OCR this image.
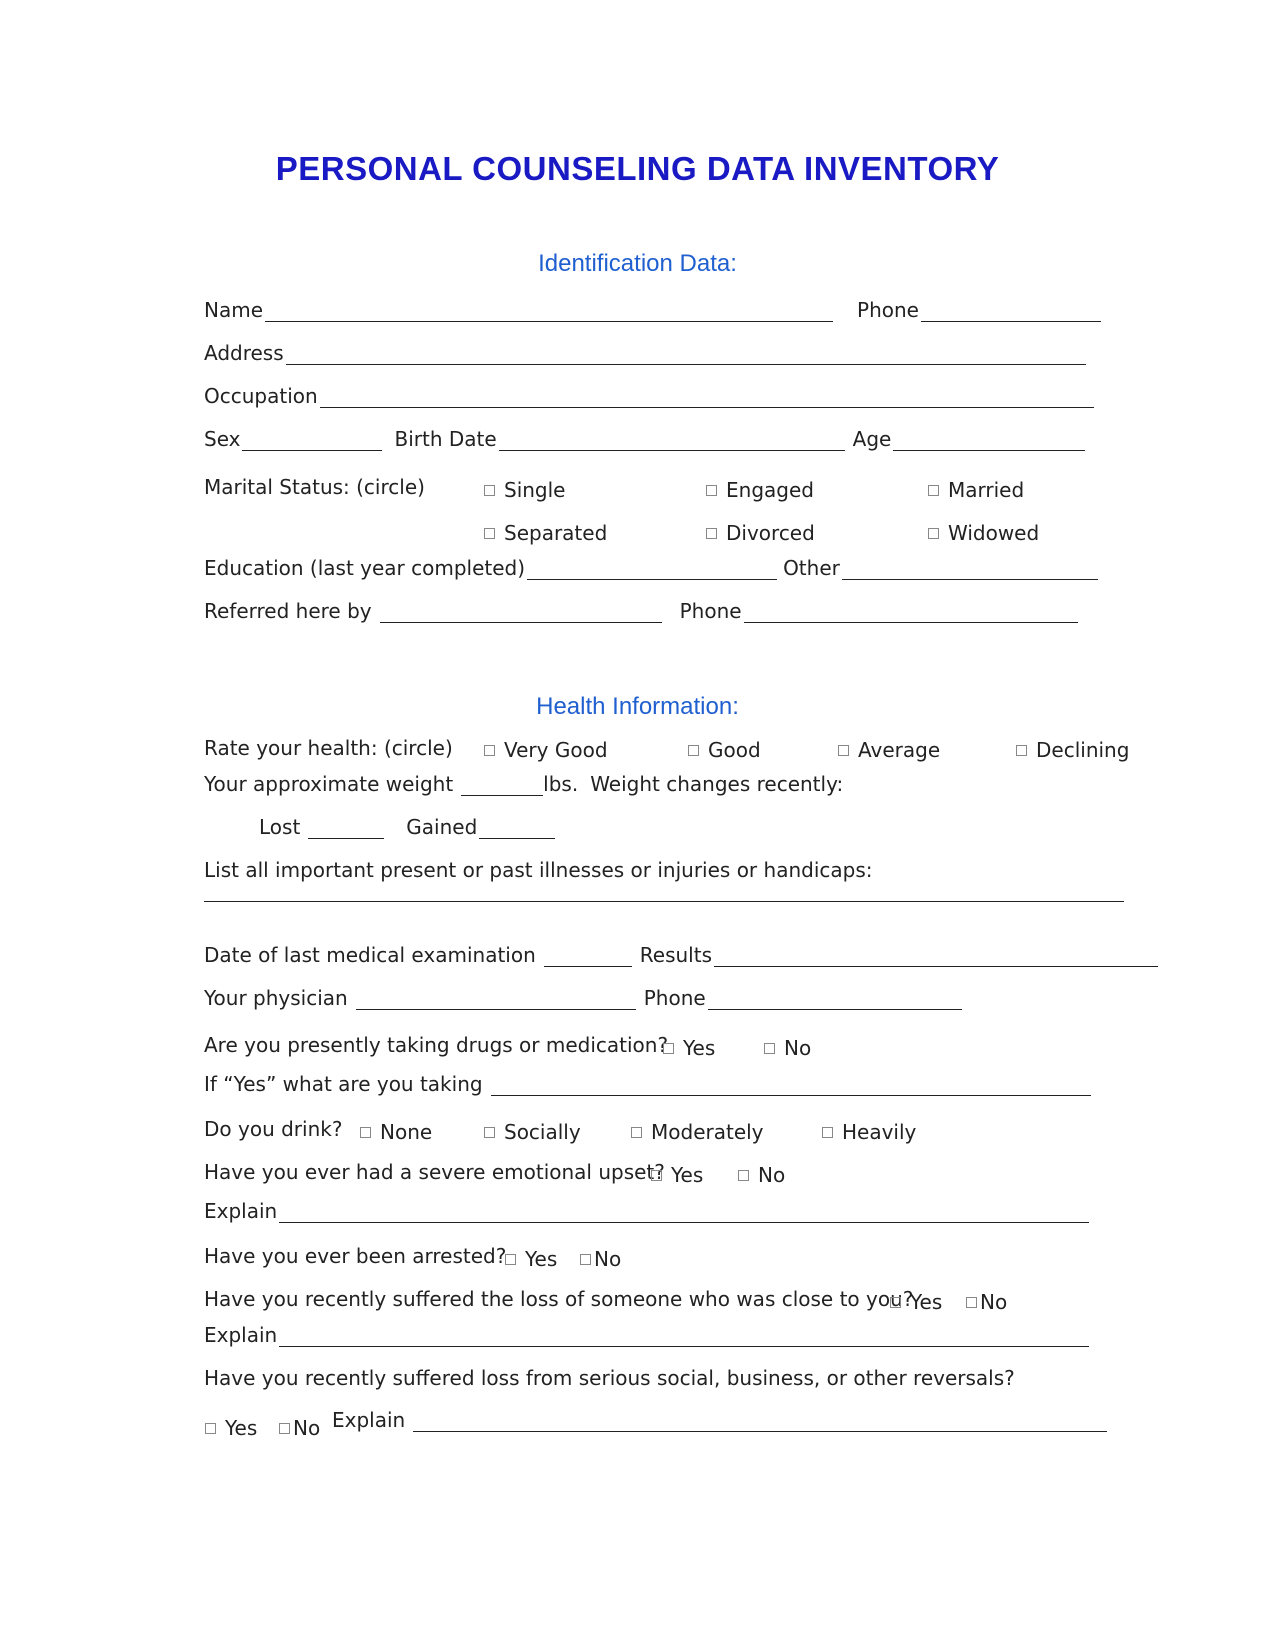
PERSONAL COUNSELING DATA INVENTORY
Identification Data:
Name	Phone
Address
Occupation
Sex	Birth Date	Age
Marital Status: (circle)	Single	Engaged	Married
Separated	Divorced	Widowed
Education (last year completed)	Other
Referred here by	Phone
Health Information:
Rate your health: (circle)	Very Good	Good	Average	Declining
Your approximate weight	lbs. Weight changes recently:
Lost	Gained
List all important present or past illnesses or injuries or handicaps:
Date of last medical examination	Results
Your physician	Phone
Are you presently taking drugs or medication? Yes	No
If “Yes” what are you taking
Do you drink? None	Socially	Moderately	Heavily
Have you ever had a severe emotional upset? Yes	No
Explain
Have you ever been arrested? Yes No
Have you recently suffered the loss of someone who was close to you?
Yes No
Explain
Have you recently suffered loss from serious social, business, or other reversals?
Yes No Explain
